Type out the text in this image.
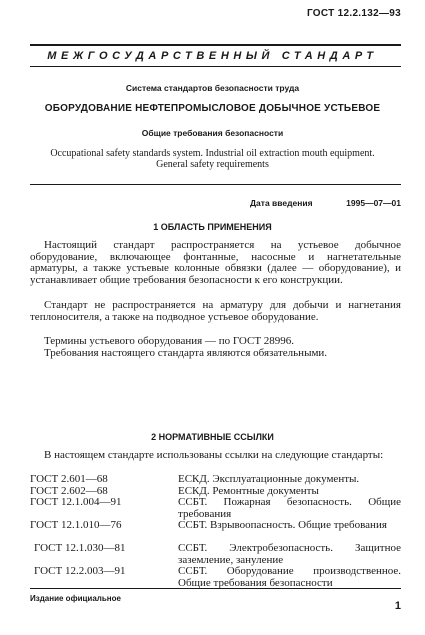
ГОСТ 12.2.132—93
МЕЖГОСУДАРСТВЕННЫЙ СТАНДАРТ
Система стандартов безопасности труда
ОБОРУДОВАНИЕ НЕФТЕПРОМЫСЛОВОЕ ДОБЫЧНОЕ УСТЬЕВОЕ
Общие требования безопасности
Occupational safety standards system. Industrial oil extraction mouth equipment.
General safety requirements
Дата введения	1995—07—01
1 ОБЛАСТЬ ПРИМЕНЕНИЯ
Настоящий стандарт распространяется на устьевое добычное оборудование, включающее фонтанные, насосные и нагнетательные арматуры, а также устьевые колонные обвязки (далее — оборудование), и устанавливает общие требования безопасности к его конструкции.
Стандарт не распространяется на арматуру для добычи и нагнетания теплоносителя, а также на подводное устьевое оборудование.
Термины устьевого оборудования — по ГОСТ 28996.
Требования настоящего стандарта являются обязательными.
2 НОРМАТИВНЫЕ ССЫЛКИ
В настоящем стандарте использованы ссылки на следующие стандарты:
ГОСТ 2.601—68	ЕСКД. Эксплуатационные документы.
ГОСТ 2.602—68	ЕСКД. Ремонтные документы
ГОСТ 12.1.004—91	ССБТ. Пожарная безопасность. Общие требования
ГОСТ 12.1.010—76	ССБТ. Взрывоопасность. Общие требования
ГОСТ 12.1.030—81	ССБТ. Электробезопасность. Защитное заземление, зануление
ГОСТ 12.2.003—91	ССБТ. Оборудование производственное. Общие требования безопасности
Издание официальное
1
